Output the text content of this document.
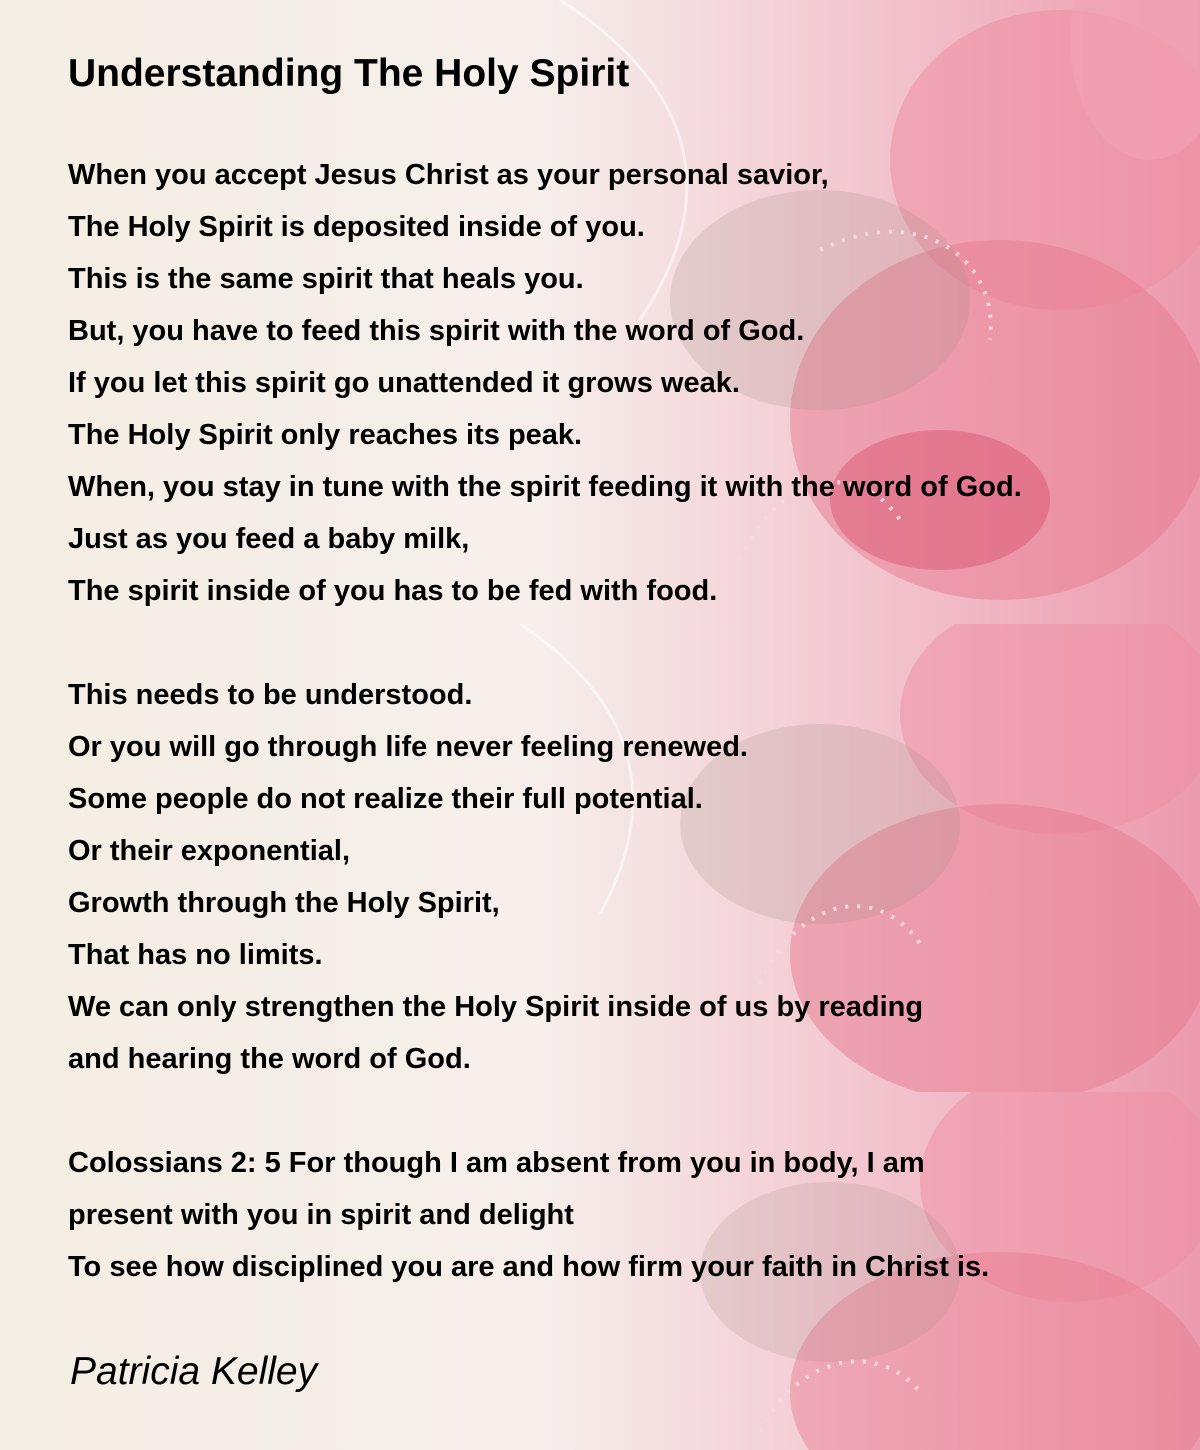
Understanding The Holy Spirit

When you accept Jesus Christ as your personal savior,

The Holy Spirit is deposited inside of you.

This is the same spirit that heals you.

But, you have to feed this spirit with the word of God.

If you let this spirit go unattended it grows weak.

The Holy Spirit only reaches its peak.

When, you stay in tune with the spirit feeding it with the word of God.

Just as you feed a baby milk,

The spirit inside of you has to be fed with food.

This needs to be understood.

Or you will go through life never feeling renewed.

Some people do not realize their full potential.

Or their exponential,

Growth through the Holy Spirit,

That has no limits.

We can only strengthen the Holy Spirit inside of us by reading

and hearing the word of God.

Colossians 2: 5 For though I am absent from you in body, I am

present with you in spirit and delight

To see how disciplined you are and how firm your faith in Christ is.

Patricia Kelley
